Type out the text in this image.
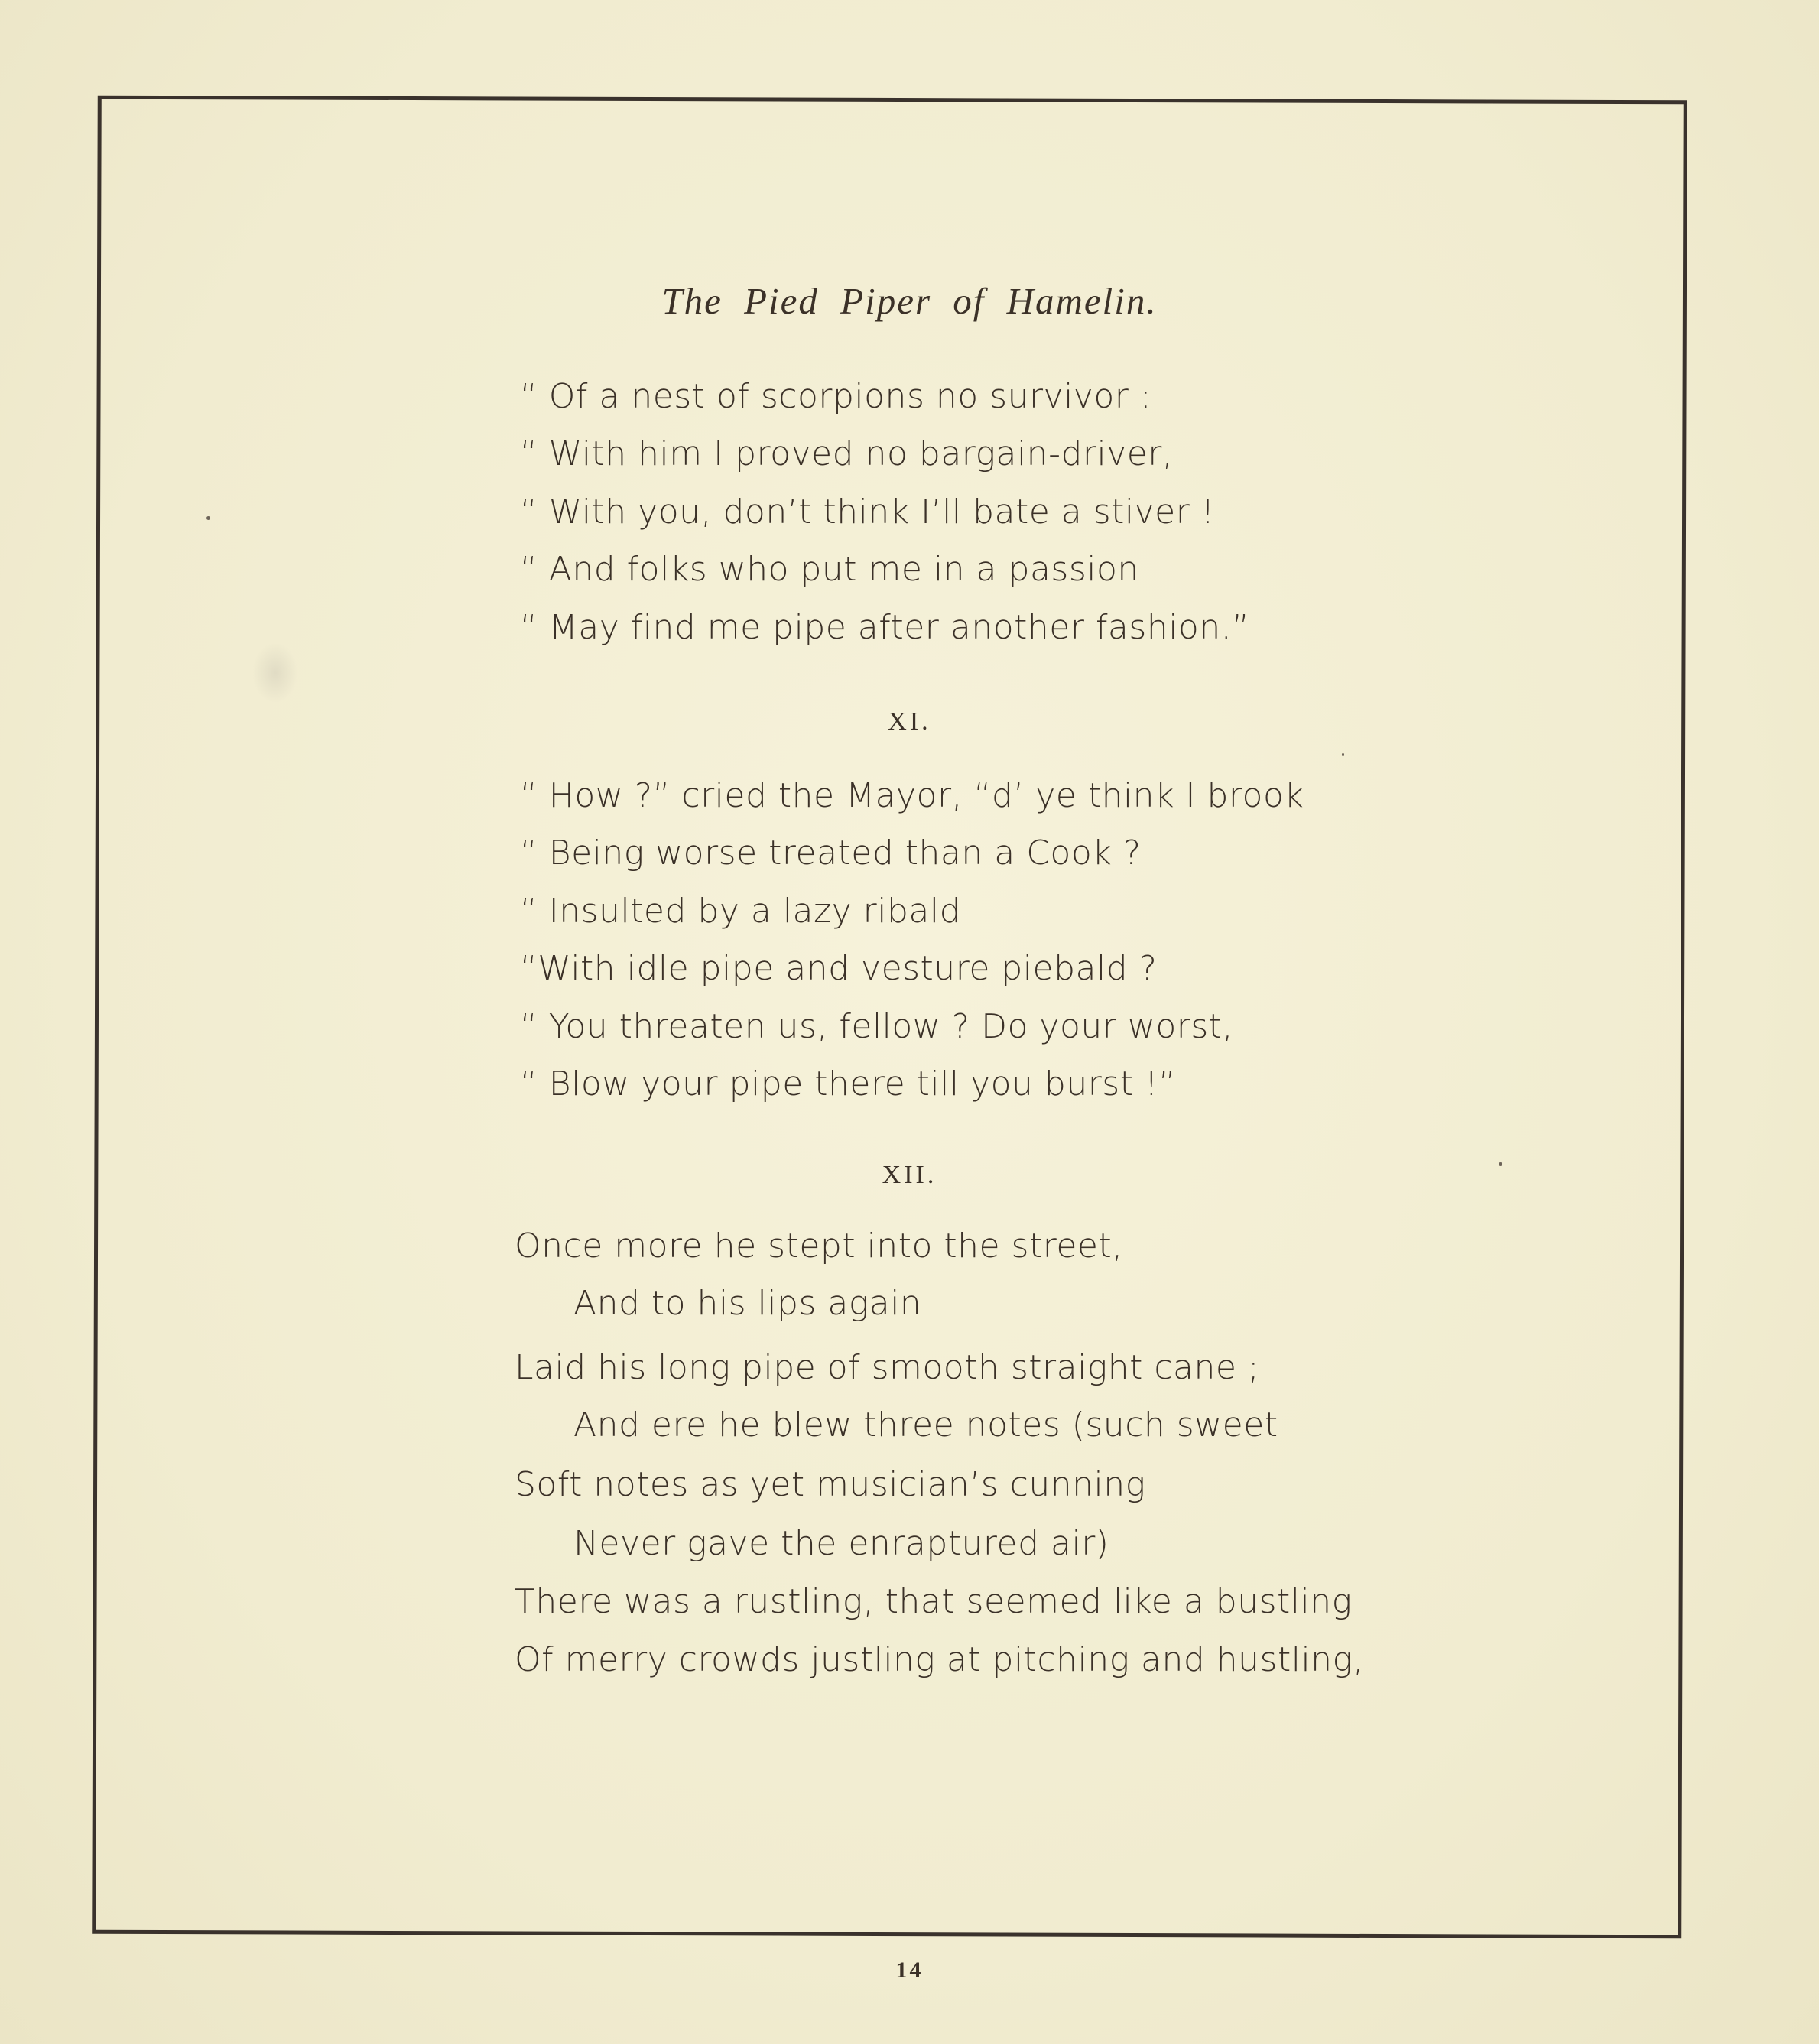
The Pied Piper of Hamelin.
“ Of a nest of scorpions no survivor :
“ With him I proved no bargain-driver,
“ With you, don’t think I’ll bate a stiver !
“ And folks who put me in a passion
“ May find me pipe after another fashion.”
XI.
“ How ?” cried the Mayor, “d’ ye think I brook
“ Being worse treated than a Cook ?
“ Insulted by a lazy ribald
“With idle pipe and vesture piebald ?
“ You threaten us, fellow ? Do your worst,
“ Blow your pipe there till you burst !”
XII.
Once more he stept into the street,
And to his lips again
Laid his long pipe of smooth straight cane ;
And ere he blew three notes (such sweet
Soft notes as yet musician’s cunning
Never gave the enraptured air)
There was a rustling, that seemed like a bustling
Of merry crowds justling at pitching and hustling,
14
